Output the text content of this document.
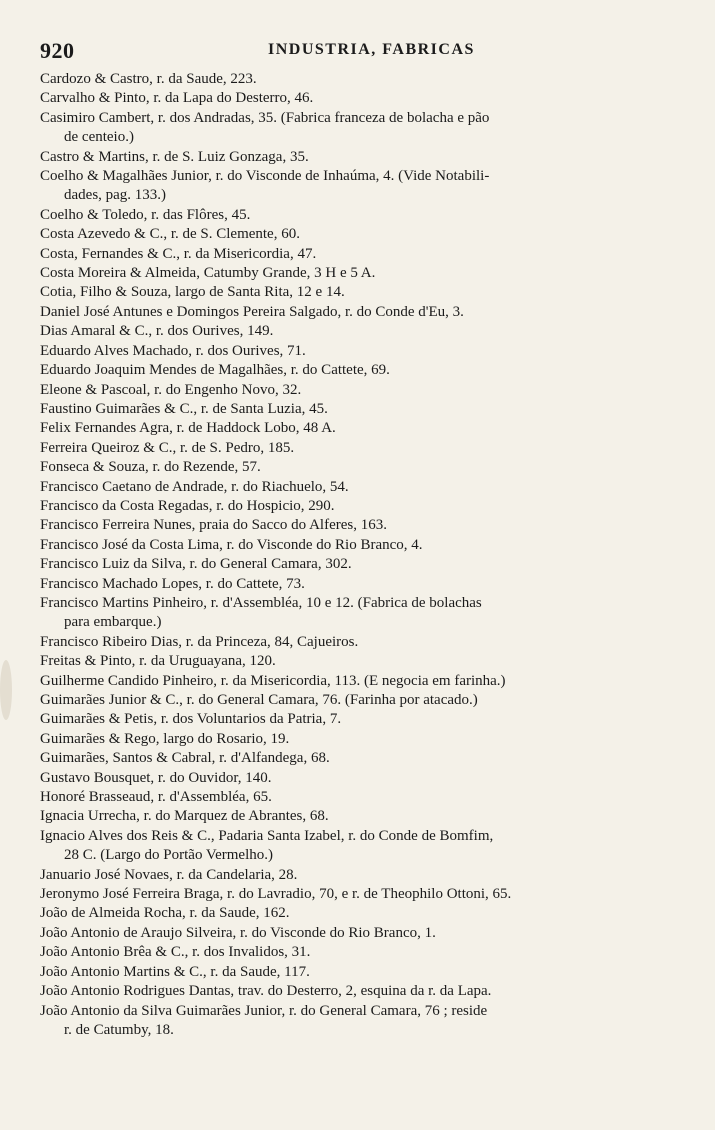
920	INDUSTRIA, FABRICAS
Cardozo & Castro, r. da Saude, 223.
Carvalho & Pinto, r. da Lapa do Desterro, 46.
Casimiro Cambert, r. dos Andradas, 35. (Fabrica franceza de bolacha e pão
de centeio.)
Castro & Martins, r. de S. Luiz Gonzaga, 35.
Coelho & Magalhães Junior, r. do Visconde de Inhaúma, 4. (Vide Notabili-
dades, pag. 133.)
Coelho & Toledo, r. das Flôres, 45.
Costa Azevedo & C., r. de S. Clemente, 60.
Costa, Fernandes & C., r. da Misericordia, 47.
Costa Moreira & Almeida, Catumby Grande, 3 H e 5 A.
Cotia, Filho & Souza, largo de Santa Rita, 12 e 14.
Daniel José Antunes e Domingos Pereira Salgado, r. do Conde d'Eu, 3.
Dias Amaral & C., r. dos Ourives, 149.
Eduardo Alves Machado, r. dos Ourives, 71.
Eduardo Joaquim Mendes de Magalhães, r. do Cattete, 69.
Eleone & Pascoal, r. do Engenho Novo, 32.
Faustino Guimarães & C., r. de Santa Luzia, 45.
Felix Fernandes Agra, r. de Haddock Lobo, 48 A.
Ferreira Queiroz & C., r. de S. Pedro, 185.
Fonseca & Souza, r. do Rezende, 57.
Francisco Caetano de Andrade, r. do Riachuelo, 54.
Francisco da Costa Regadas, r. do Hospicio, 290.
Francisco Ferreira Nunes, praia do Sacco do Alferes, 163.
Francisco José da Costa Lima, r. do Visconde do Rio Branco, 4.
Francisco Luiz da Silva, r. do General Camara, 302.
Francisco Machado Lopes, r. do Cattete, 73.
Francisco Martins Pinheiro, r. d'Assembléa, 10 e 12. (Fabrica de bolachas
para embarque.)
Francisco Ribeiro Dias, r. da Princeza, 84, Cajueiros.
Freitas & Pinto, r. da Uruguayana, 120.
Guilherme Candido Pinheiro, r. da Misericordia, 113. (E negocia em farinha.)
Guimarães Junior & C., r. do General Camara, 76. (Farinha por atacado.)
Guimarães & Petis, r. dos Voluntarios da Patria, 7.
Guimarães & Rego, largo do Rosario, 19.
Guimarães, Santos & Cabral, r. d'Alfandega, 68.
Gustavo Bousquet, r. do Ouvidor, 140.
Honoré Brasseaud, r. d'Assembléa, 65.
Ignacia Urrecha, r. do Marquez de Abrantes, 68.
Ignacio Alves dos Reis & C., Padaria Santa Izabel, r. do Conde de Bomfim,
28 C. (Largo do Portão Vermelho.)
Januario José Novaes, r. da Candelaria, 28.
Jeronymo José Ferreira Braga, r. do Lavradio, 70, e r. de Theophilo Ottoni, 65.
João de Almeida Rocha, r. da Saude, 162.
João Antonio de Araujo Silveira, r. do Visconde do Rio Branco, 1.
João Antonio Brêa & C., r. dos Invalidos, 31.
João Antonio Martins & C., r. da Saude, 117.
João Antonio Rodrigues Dantas, trav. do Desterro, 2, esquina da r. da Lapa.
João Antonio da Silva Guimarães Junior, r. do General Camara, 76 ; reside
r. de Catumby, 18.
